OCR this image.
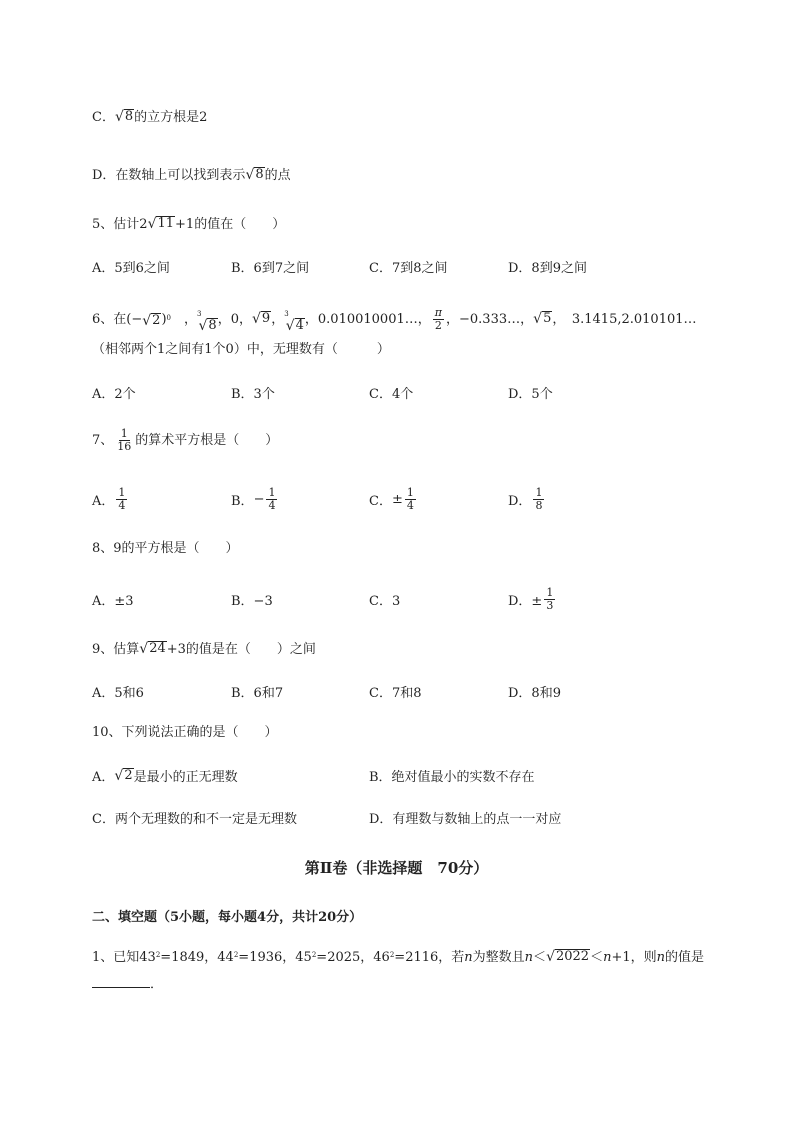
C． √ 8 的立方根是2
D．在数轴上可以找到表示 √ 8 的点
5、估计2 √ 11 +1的值在（　　）
A．5到6之间	B．6到7之间	C．7到8之间	D．8到9之间
6、在(− √ 2 )$^0$ 　， 3
√ 8 ，0， √ 9 ， 3
√ 4 ，0.010010001…， $\frac{\pi}{2}$ ，−0.333…， √ 5 ，　3.1415,2.010101…
（相邻两个1之间有1个0）中，无理数有（　　　）
A．2个	B．3个	C．4个	D．5个
7、 $\frac{1}{16}$ 的算术平方根是（　　）
A． $\frac{1}{4}$	B． − $\frac{1}{4}$	C． ± $\frac{1}{4}$	D． $\frac{1}{8}$
8、9的平方根是（　　）
A．±3	B．−3	C．3	D．± $\frac{1}{3}$
9、估算 √ 24 +3的值是在（　　）之间
A．5和6	B．6和7	C．7和8	D．8和9
10、下列说法正确的是（　　）
A． √ 2 是最小的正无理数	B．绝对值最小的实数不存在
C．两个无理数的和不一定是无理数	D．有理数与数轴上的点一一对应
第Ⅱ卷（非选择题　70分）
二、填空题（5小题，每小题4分，共计20分）
1、已知$43^2=1849$，$44^2=1936$，$45^2=2025$，$46^2=2116$，若n为整数且n＜ √ 2022 ＜n+1，则n的值是
．
